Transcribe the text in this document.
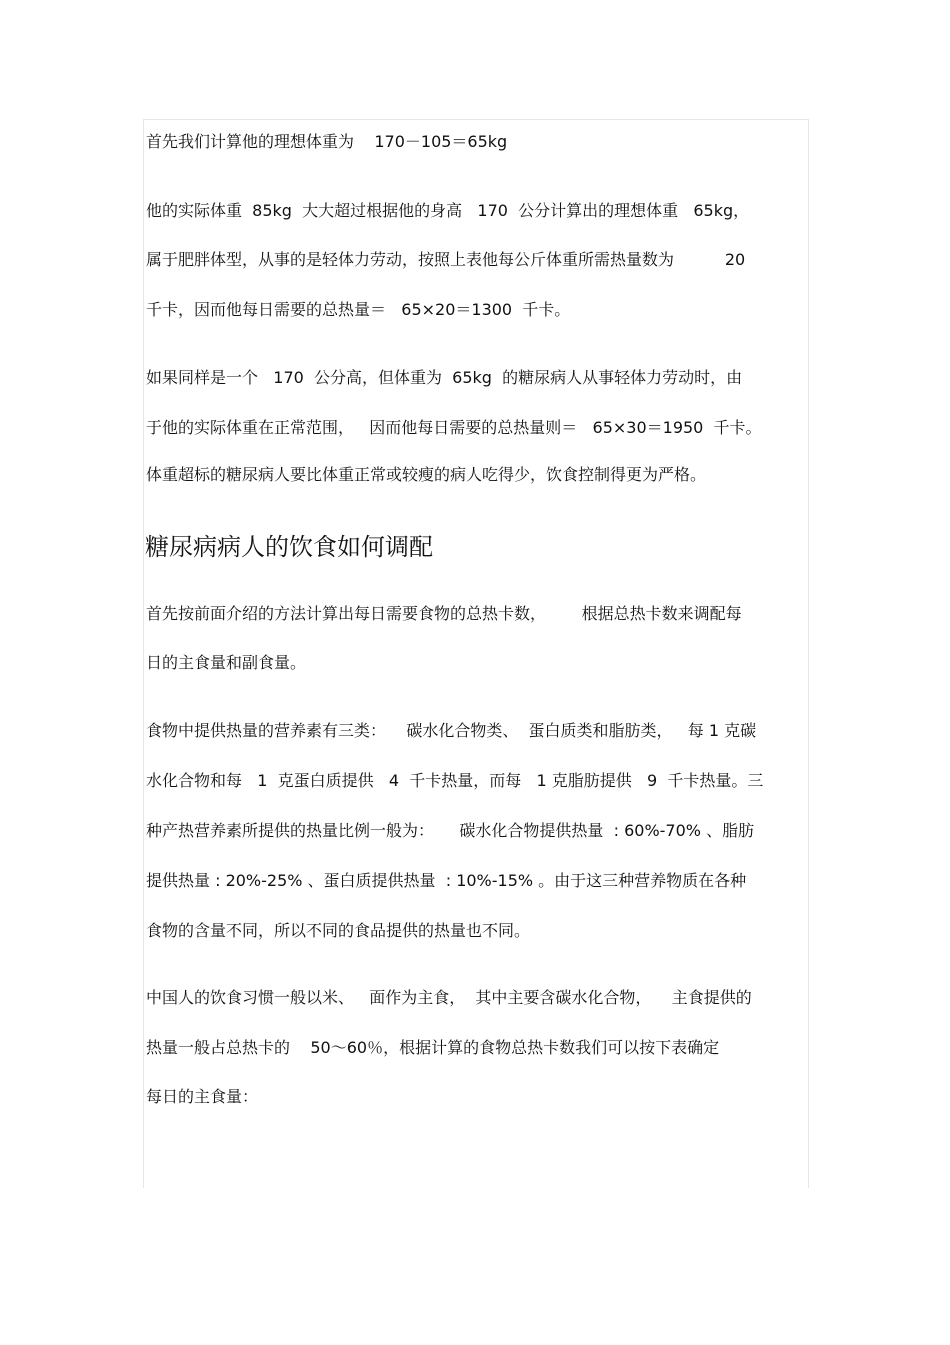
首先我们计算他的理想体重为    170－105＝65kg

他的实际体重  85kg  大大超过根据他的身高   170  公分计算出的理想体重   65kg，

属于肥胖体型，从事的是轻体力劳动，按照上表他每公斤体重所需热量数为          20

千卡，因而他每日需要的总热量＝   65×20＝1300  千卡。

如果同样是一个   170  公分高，但体重为  65kg  的糖尿病人从事轻体力劳动时，由

于他的实际体重在正常范围，   因而他每日需要的总热量则＝   65×30＝1950  千卡。

体重超标的糖尿病人要比体重正常或较瘦的病人吃得少，饮食控制得更为严格。

糖尿病病人的饮食如何调配

首先按前面介绍的方法计算出每日需要食物的总热卡数，       根据总热卡数来调配每

日的主食量和副食量。

食物中提供热量的营养素有三类：    碳水化合物类、  蛋白质类和脂肪类，   每 1 克碳

水化合物和每   1  克蛋白质提供   4  千卡热量，而每   1 克脂肪提供   9  千卡热量。三

种产热营养素所提供的热量比例一般为：     碳水化合物提供热量  : 60%-70% 、脂肪

提供热量 : 20%-25% 、蛋白质提供热量  : 10%-15% 。由于这三种营养物质在各种

食物的含量不同，所以不同的食品提供的热量也不同。

中国人的饮食习惯一般以米、   面作为主食，  其中主要含碳水化合物，    主食提供的

热量一般占总热卡的    50～60％，根据计算的食物总热卡数我们可以按下表确定

每日的主食量：
